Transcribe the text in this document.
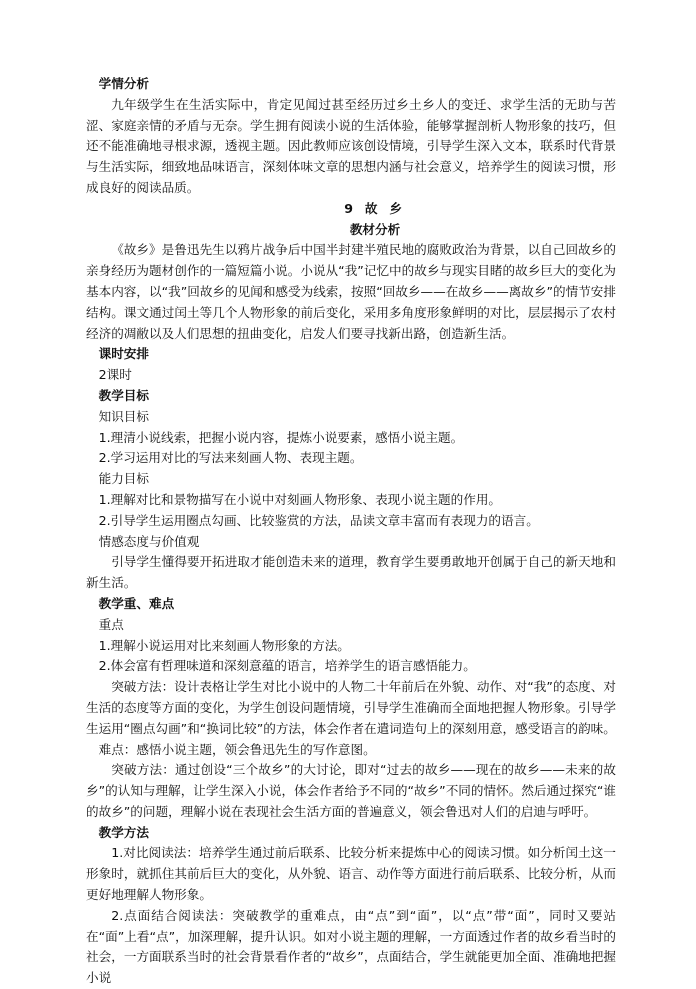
学情分析
九年级学生在生活实际中，肯定见闻过甚至经历过乡土乡人的变迁、求学生活的无助与苦涩、家庭亲情的矛盾与无奈。学生拥有阅读小说的生活体验，能够掌握剖析人物形象的技巧，但还不能准确地寻根求源，透视主题。因此教师应该创设情境，引导学生深入文本，联系时代背景与生活实际，细致地品味语言，深刻体味文章的思想内涵与社会意义，培养学生的阅读习惯，形成良好的阅读品质。
9 故 乡
教材分析
《故乡》是鲁迅先生以鸦片战争后中国半封建半殖民地的腐败政治为背景，以自己回故乡的亲身经历为题材创作的一篇短篇小说。小说从“我”记忆中的故乡与现实目睹的故乡巨大的变化为基本内容，以“我”回故乡的见闻和感受为线索，按照“回故乡——在故乡——离故乡”的情节安排结构。课文通过闰土等几个人物形象的前后变化，采用多角度形象鲜明的对比，层层揭示了农村经济的凋敝以及人们思想的扭曲变化，启发人们要寻找新出路，创造新生活。
课时安排
2课时
教学目标
知识目标
1.理清小说线索，把握小说内容，提炼小说要素，感悟小说主题。
2.学习运用对比的写法来刻画人物、表现主题。
能力目标
1.理解对比和景物描写在小说中对刻画人物形象、表现小说主题的作用。
2.引导学生运用圈点勾画、比较鉴赏的方法，品读文章丰富而有表现力的语言。
情感态度与价值观
引导学生懂得要开拓进取才能创造未来的道理，教育学生要勇敢地开创属于自己的新天地和新生活。
教学重、难点
重点
1.理解小说运用对比来刻画人物形象的方法。
2.体会富有哲理味道和深刻意蕴的语言，培养学生的语言感悟能力。
突破方法：设计表格让学生对比小说中的人物二十年前后在外貌、动作、对“我”的态度、对生活的态度等方面的变化，为学生创设问题情境，引导学生准确而全面地把握人物形象。引导学生运用“圈点勾画”和“换词比较”的方法，体会作者在遣词造句上的深刻用意，感受语言的韵味。
难点：感悟小说主题，领会鲁迅先生的写作意图。
突破方法：通过创设“三个故乡”的大讨论，即对“过去的故乡——现在的故乡——未来的故乡”的认知与理解，让学生深入小说，体会作者给予不同的“故乡”不同的情怀。然后通过探究“谁的故乡”的问题，理解小说在表现社会生活方面的普遍意义，领会鲁迅对人们的启迪与呼吁。
教学方法
1.对比阅读法：培养学生通过前后联系、比较分析来提炼中心的阅读习惯。如分析闰土这一形象时，就抓住其前后巨大的变化，从外貌、语言、动作等方面进行前后联系、比较分析，从而更好地理解人物形象。
2.点面结合阅读法：突破教学的重难点，由“点”到“面”，以“点”带“面”，同时又要站在“面”上看“点”，加深理解，提升认识。如对小说主题的理解，一方面透过作者的故乡看当时的社会，一方面联系当时的社会背景看作者的“故乡”，点面结合，学生就能更加全面、准确地把握小说
